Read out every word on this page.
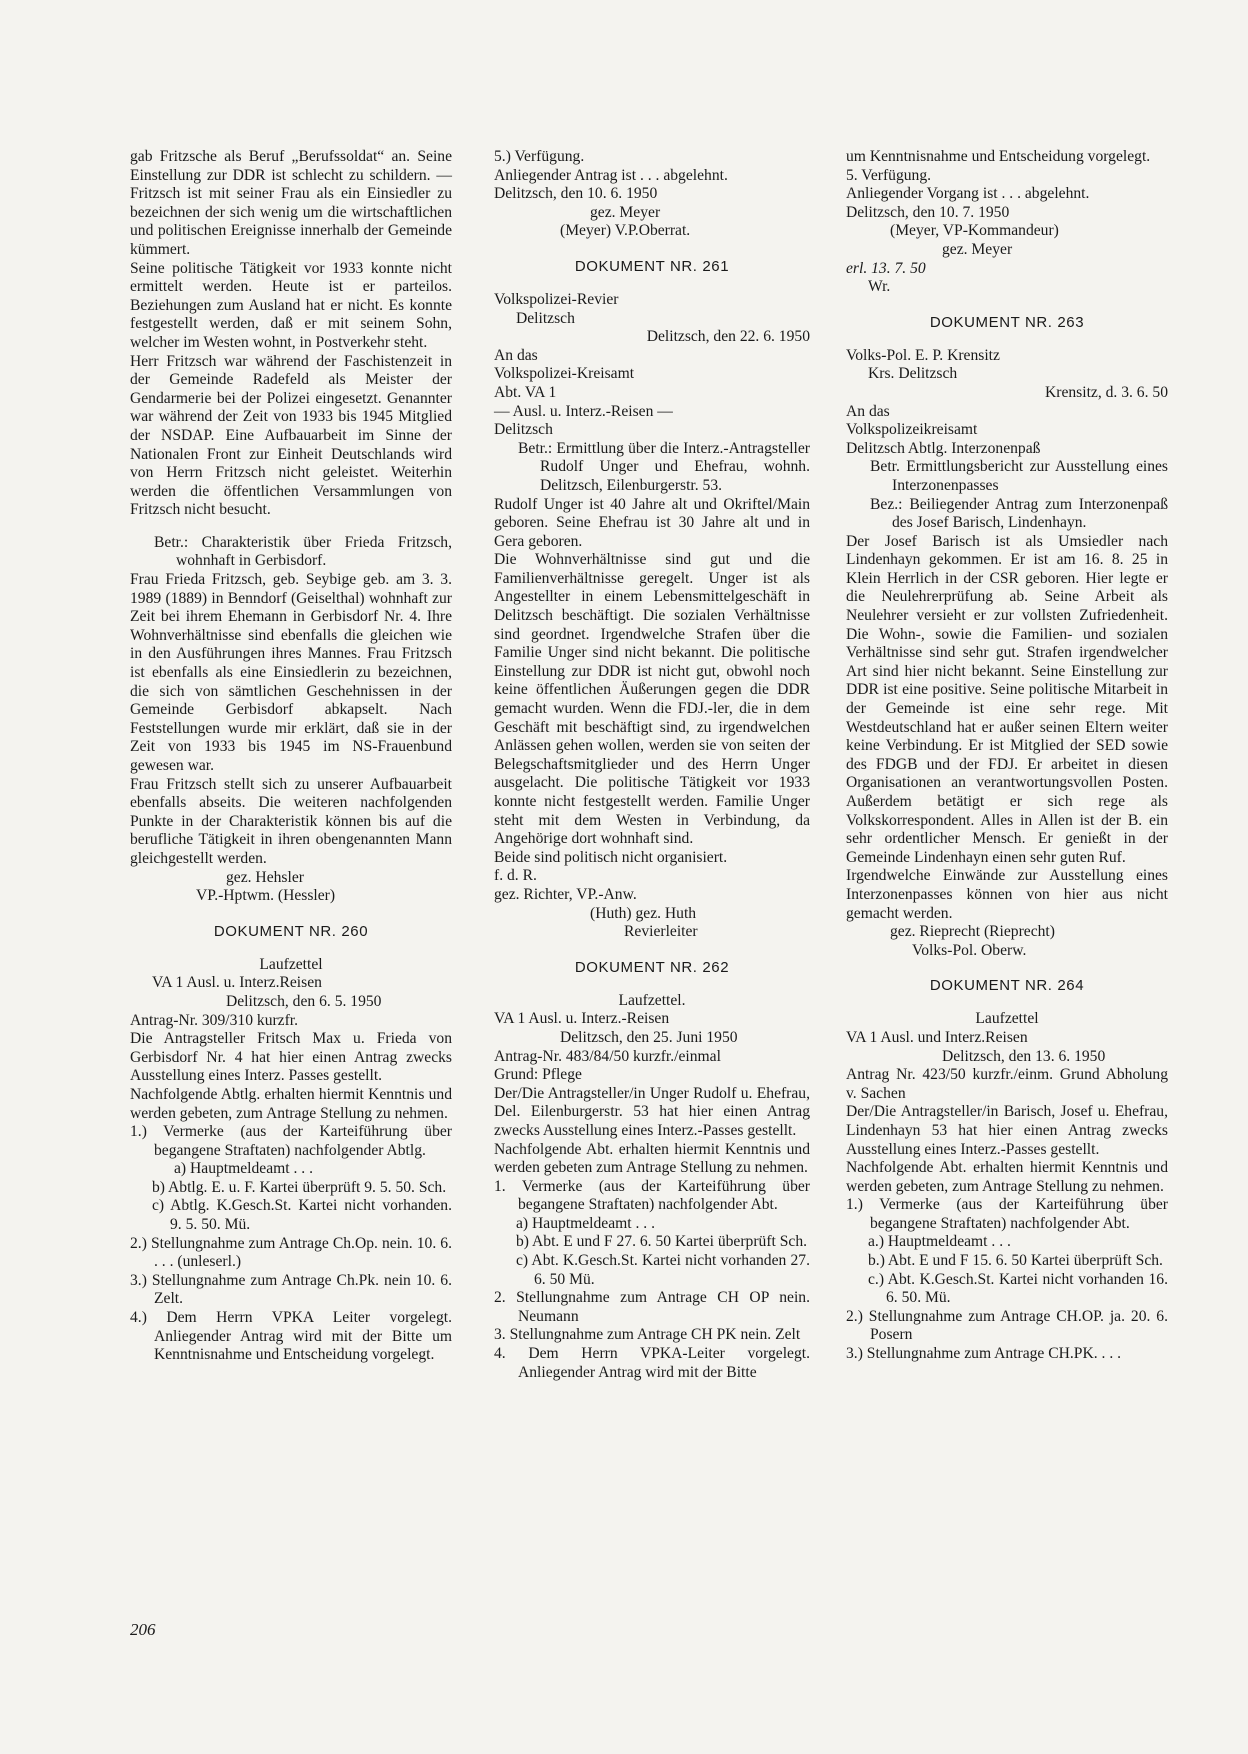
gab Fritzsche als Beruf „Berufssoldat“ an. Seine Einstellung zur DDR ist schlecht zu schildern. — Fritzsch ist mit seiner Frau als ein Einsiedler zu bezeichnen der sich wenig um die wirtschaftlichen und politischen Ereignisse innerhalb der Gemeinde kümmert.

Seine politische Tätigkeit vor 1933 konnte nicht ermittelt werden. Heute ist er parteilos. Beziehungen zum Ausland hat er nicht. Es konnte festgestellt werden, daß er mit seinem Sohn, welcher im Westen wohnt, in Postverkehr steht.

Herr Fritzsch war während der Faschistenzeit in der Gemeinde Radefeld als Meister der Gendarmerie bei der Polizei eingesetzt. Genannter war während der Zeit von 1933 bis 1945 Mitglied der NSDAP. Eine Aufbauarbeit im Sinne der Nationalen Front zur Einheit Deutschlands wird von Herrn Fritzsch nicht geleistet. Weiterhin werden die öffentlichen Versammlungen von Fritzsch nicht besucht.

Betr.: Charakteristik über Frieda Fritzsch, wohnhaft in Gerbisdorf.

Frau Frieda Fritzsch, geb. Seybige geb. am 3. 3. 1989 (1889) in Benndorf (Geiselthal) wohnhaft zur Zeit bei ihrem Ehemann in Gerbisdorf Nr. 4. Ihre Wohnverhältnisse sind ebenfalls die gleichen wie in den Ausführungen ihres Mannes. Frau Fritzsch ist ebenfalls als eine Einsiedlerin zu bezeichnen, die sich von sämtlichen Geschehnissen in der Gemeinde Gerbisdorf abkapselt. Nach Feststellungen wurde mir erklärt, daß sie in der Zeit von 1933 bis 1945 im NS-Frauenbund gewesen war.

Frau Fritzsch stellt sich zu unserer Aufbauarbeit ebenfalls abseits. Die weiteren nachfolgenden Punkte in der Charakteristik können bis auf die berufliche Tätigkeit in ihren obengenannten Mann gleichgestellt werden.

gez. Hehsler

VP.-Hptwm. (Hessler)

DOKUMENT NR. 260

Laufzettel

VA 1 Ausl. u. Interz.Reisen

Delitzsch, den 6. 5. 1950

Antrag-Nr. 309/310 kurzfr.

Die Antragsteller Fritsch Max u. Frieda von Gerbisdorf Nr. 4 hat hier einen Antrag zwecks Ausstellung eines Interz. Passes gestellt.

Nachfolgende Abtlg. erhalten hiermit Kenntnis und werden gebeten, zum Antrage Stellung zu nehmen.

1.) Vermerke (aus der Karteiführung über begangene Straftaten) nachfolgender Abtlg.

a) Hauptmeldeamt . . .

b) Abtlg. E. u. F. Kartei überprüft 9. 5. 50. Sch.

c) Abtlg. K.Gesch.St. Kartei nicht vorhanden. 9. 5. 50. Mü.

2.) Stellungnahme zum Antrage Ch.Op. nein. 10. 6. . . . (unleserl.)

3.) Stellungnahme zum Antrage Ch.Pk. nein 10. 6. Zelt.

4.) Dem Herrn VPKA Leiter vorgelegt. Anliegender Antrag wird mit der Bitte um Kenntnisnahme und Entscheidung vorgelegt.

5.) Verfügung.

Anliegender Antrag ist . . . abgelehnt.

Delitzsch, den 10. 6. 1950

gez. Meyer

(Meyer) V.P.Oberrat.

DOKUMENT NR. 261

Volkspolizei-Revier

Delitzsch

Delitzsch, den 22. 6. 1950

An das

Volkspolizei-Kreisamt

Abt. VA 1

— Ausl. u. Interz.-Reisen —

Delitzsch

Betr.: Ermittlung über die Interz.-Antragsteller Rudolf Unger und Ehefrau, wohnh. Delitzsch, Eilenburgerstr. 53.

Rudolf Unger ist 40 Jahre alt und Okriftel/Main geboren. Seine Ehefrau ist 30 Jahre alt und in Gera geboren.

Die Wohnverhältnisse sind gut und die Familienverhältnisse geregelt. Unger ist als Angestellter in einem Lebensmittelgeschäft in Delitzsch beschäftigt. Die sozialen Verhältnisse sind geordnet. Irgendwelche Strafen über die Familie Unger sind nicht bekannt. Die politische Einstellung zur DDR ist nicht gut, obwohl noch keine öffentlichen Äußerungen gegen die DDR gemacht wurden. Wenn die FDJ.-ler, die in dem Geschäft mit beschäftigt sind, zu irgendwelchen Anlässen gehen wollen, werden sie von seiten der Belegschaftsmitglieder und des Herrn Unger ausgelacht. Die politische Tätigkeit vor 1933 konnte nicht festgestellt werden. Familie Unger steht mit dem Westen in Verbindung, da Angehörige dort wohnhaft sind.

Beide sind politisch nicht organisiert.

f. d. R.

gez. Richter, VP.-Anw.

(Huth) gez. Huth

Revierleiter

DOKUMENT NR. 262

Laufzettel.

VA 1 Ausl. u. Interz.-Reisen

Delitzsch, den 25. Juni 1950

Antrag-Nr. 483/84/50 kurzfr./einmal

Grund: Pflege

Der/Die Antragsteller/in Unger Rudolf u. Ehefrau, Del. Eilenburgerstr. 53 hat hier einen Antrag zwecks Ausstellung eines Interz.-Passes gestellt.

Nachfolgende Abt. erhalten hiermit Kenntnis und werden gebeten zum Antrage Stellung zu nehmen.

1. Vermerke (aus der Karteiführung über begangene Straftaten) nachfolgender Abt.

a) Hauptmeldeamt . . .

b) Abt. E und F 27. 6. 50 Kartei überprüft Sch.

c) Abt. K.Gesch.St. Kartei nicht vorhanden 27. 6. 50 Mü.

2. Stellungnahme zum Antrage CH OP nein. Neumann

3. Stellungnahme zum Antrage CH PK nein. Zelt

4. Dem Herrn VPKA-Leiter vorgelegt. Anliegender Antrag wird mit der Bitte

um Kenntnisnahme und Entscheidung vorgelegt.

5. Verfügung.

Anliegender Vorgang ist . . . abgelehnt.

Delitzsch, den 10. 7. 1950

(Meyer, VP-Kommandeur)

gez. Meyer

erl. 13. 7. 50

Wr.

DOKUMENT NR. 263

Volks-Pol. E. P. Krensitz

Krs. Delitzsch

Krensitz, d. 3. 6. 50

An das

Volkspolizeikreisamt

Delitzsch Abtlg. Interzonenpaß

Betr. Ermittlungsbericht zur Ausstellung eines Interzonenpasses

Bez.: Beiliegender Antrag zum Interzonenpaß des Josef Barisch, Lindenhayn.

Der Josef Barisch ist als Umsiedler nach Lindenhayn gekommen. Er ist am 16. 8. 25 in Klein Herrlich in der CSR geboren. Hier legte er die Neulehrerprüfung ab. Seine Arbeit als Neulehrer versieht er zur vollsten Zufriedenheit. Die Wohn-, sowie die Familien- und sozialen Verhältnisse sind sehr gut. Strafen irgendwelcher Art sind hier nicht bekannt. Seine Einstellung zur DDR ist eine positive. Seine politische Mitarbeit in der Gemeinde ist eine sehr rege. Mit Westdeutschland hat er außer seinen Eltern weiter keine Verbindung. Er ist Mitglied der SED sowie des FDGB und der FDJ. Er arbeitet in diesen Organisationen an verantwortungsvollen Posten. Außerdem betätigt er sich rege als Volkskorrespondent. Alles in Allen ist der B. ein sehr ordentlicher Mensch. Er genießt in der Gemeinde Lindenhayn einen sehr guten Ruf.

Irgendwelche Einwände zur Ausstellung eines Interzonenpasses können von hier aus nicht gemacht werden.

gez. Rieprecht (Rieprecht)

Volks-Pol. Oberw.

DOKUMENT NR. 264

Laufzettel

VA 1 Ausl. und Interz.Reisen

Delitzsch, den 13. 6. 1950

Antrag Nr. 423/50 kurzfr./einm. Grund Abholung v. Sachen

Der/Die Antragsteller/in Barisch, Josef u. Ehefrau, Lindenhayn 53 hat hier einen Antrag zwecks Ausstellung eines Interz.-Passes gestellt.

Nachfolgende Abt. erhalten hiermit Kenntnis und werden gebeten, zum Antrage Stellung zu nehmen.

1.) Vermerke (aus der Karteiführung über begangene Straftaten) nachfolgender Abt.

a.) Hauptmeldeamt . . .

b.) Abt. E und F 15. 6. 50 Kartei überprüft Sch.

c.) Abt. K.Gesch.St. Kartei nicht vorhanden 16. 6. 50. Mü.

2.) Stellungnahme zum Antrage CH.OP. ja. 20. 6. Posern

3.) Stellungnahme zum Antrage CH.PK. . . .

206
